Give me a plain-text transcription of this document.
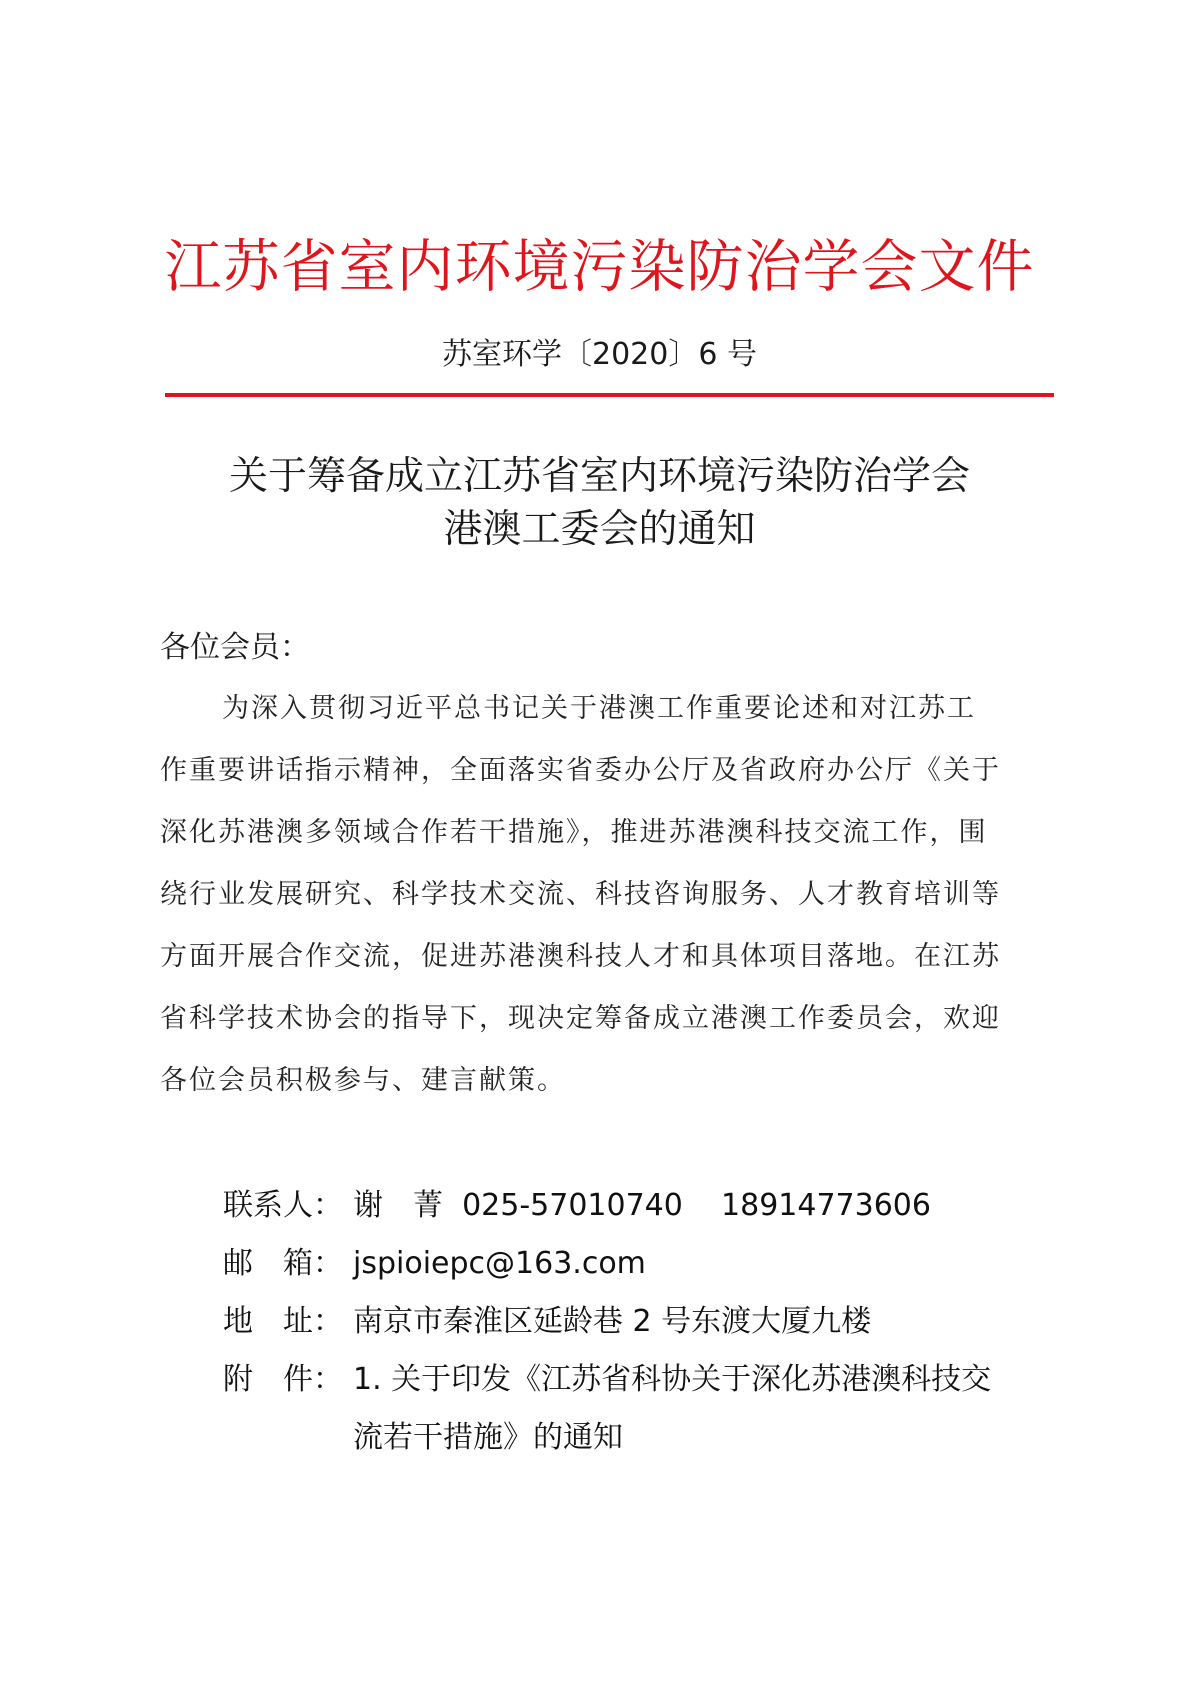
江苏省室内环境污染防治学会文件
苏室环学〔2020〕6 号
关于筹备成立江苏省室内环境污染防治学会
港澳工委会的通知
各位会员：
为深入贯彻习近平总书记关于港澳工作重要论述和对江苏工
作重要讲话指示精神，全面落实省委办公厅及省政府办公厅《关于
深化苏港澳多领域合作若干措施》，推进苏港澳科技交流工作，围
绕行业发展研究、科学技术交流、科技咨询服务、人才教育培训等
方面开展合作交流，促进苏港澳科技人才和具体项目落地。在江苏
省科学技术协会的指导下，现决定筹备成立港澳工作委员会，欢迎
各位会员积极参与、建言献策。
联系人： 谢　菁 025-57010740 18914773606
邮　箱： jspioiepc@163.com
地　址： 南京市秦淮区延龄巷 2 号东渡大厦九楼
附　件： 1. 关于印发《江苏省科协关于深化苏港澳科技交
流若干措施》的通知
